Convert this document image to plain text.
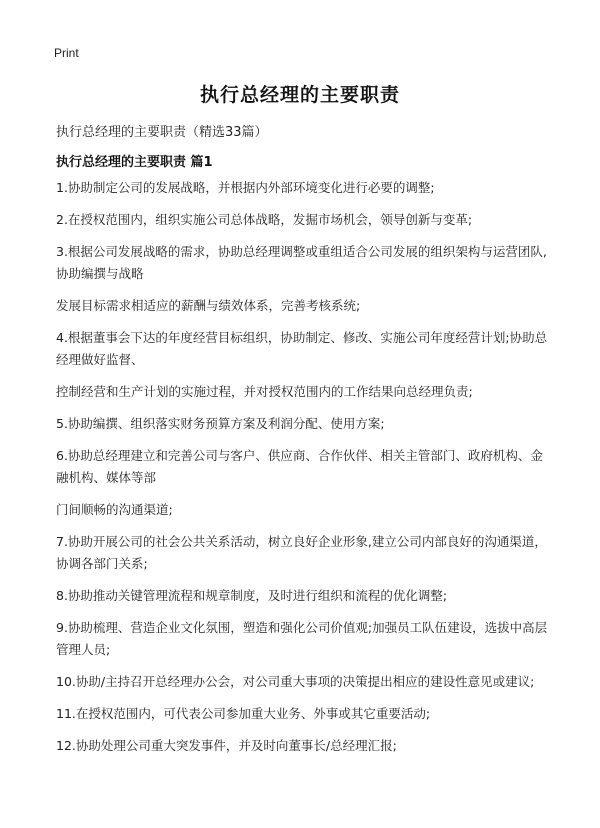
Print
执行总经理的主要职责
执行总经理的主要职责（精选33篇）
执行总经理的主要职责 篇1

1.协助制定公司的发展战略，并根据内外部环境变化进行必要的调整;

2.在授权范围内，组织实施公司总体战略，发掘市场机会，领导创新与变革;

3.根据公司发展战略的需求，协助总经理调整或重组适合公司发展的组织架构与运营团队,协助编撰与战略

发展目标需求相适应的薪酬与绩效体系，完善考核系统;

4.根据董事会下达的年度经营目标组织，协助制定、修改、实施公司年度经营计划;协助总经理做好监督、

控制经营和生产计划的实施过程，并对授权范围内的工作结果向总经理负责;

5.协助编撰、组织落实财务预算方案及利润分配、使用方案;

6.协助总经理建立和完善公司与客户、供应商、合作伙伴、相关主管部门、政府机构、金融机构、媒体等部

门间顺畅的沟通渠道;

7.协助开展公司的社会公共关系活动，树立良好企业形象,建立公司内部良好的沟通渠道，协调各部门关系;

8.协助推动关键管理流程和规章制度，及时进行组织和流程的优化调整;

9.协助梳理、营造企业文化氛围，塑造和强化公司价值观;加强员工队伍建设，选拔中高层管理人员;

10.协助/主持召开总经理办公会，对公司重大事项的决策提出相应的建设性意见或建议;

11.在授权范围内，可代表公司参加重大业务、外事或其它重要活动;

12.协助处理公司重大突发事件，并及时向董事长/总经理汇报;
